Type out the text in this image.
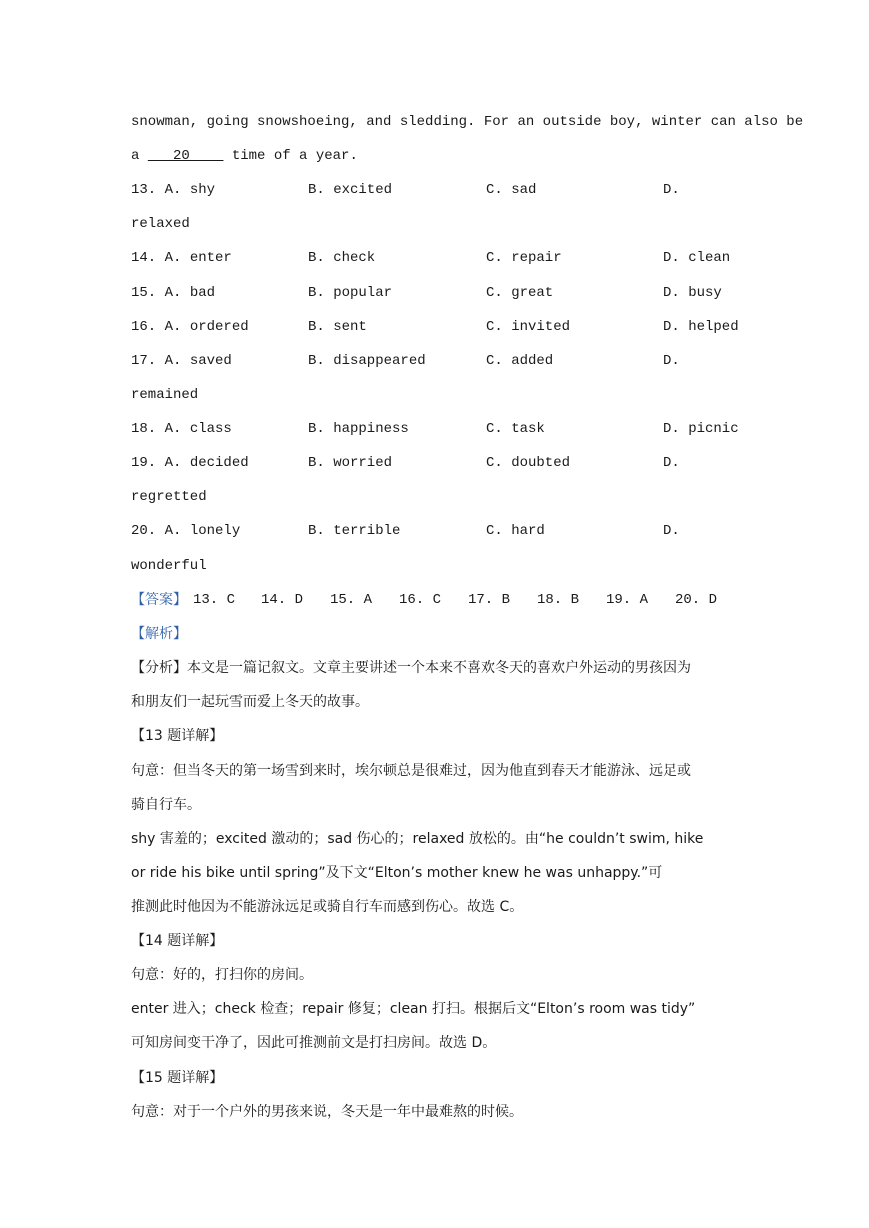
snowman, going snowshoeing, and sledding. For an outside boy, winter can also be
a    20     time of a year.
13. A. shy	B. excited	C. sad	D.
relaxed
14. A. enter	B. check	C. repair	D. clean
15. A. bad	B. popular	C. great	D. busy
16. A. ordered	B. sent	C. invited	D. helped
17. A. saved	B. disappeared	C. added	D.
remained
18. A. class	B. happiness	C. task	D. picnic
19. A. decided	B. worried	C. doubted	D.
regretted
20. A. lonely	B. terrible	C. hard	D.
wonderful
【答案】 13. C 14. D 15. A 16. C 17. B 18. B 19. A 20. D
【解析】
【分析】本文是一篇记叙文。文章主要讲述一个本来不喜欢冬天的喜欢户外运动的男孩因为
和朋友们一起玩雪而爱上冬天的故事。
【13 题详解】
句意：但当冬天的第一场雪到来时，埃尔顿总是很难过，因为他直到春天才能游泳、远足或
骑自行车。
shy 害羞的；excited 激动的；sad 伤心的；relaxed 放松的。由“he couldn’t swim, hike
or ride his bike until spring”及下文“Elton’s mother knew he was unhappy.”可
推测此时他因为不能游泳远足或骑自行车而感到伤心。故选 C。
【14 题详解】
句意：好的，打扫你的房间。
enter 进入；check 检查；repair 修复；clean 打扫。根据后文“Elton’s room was tidy”
可知房间变干净了，因此可推测前文是打扫房间。故选 D。
【15 题详解】
句意：对于一个户外的男孩来说，冬天是一年中最难熬的时候。
